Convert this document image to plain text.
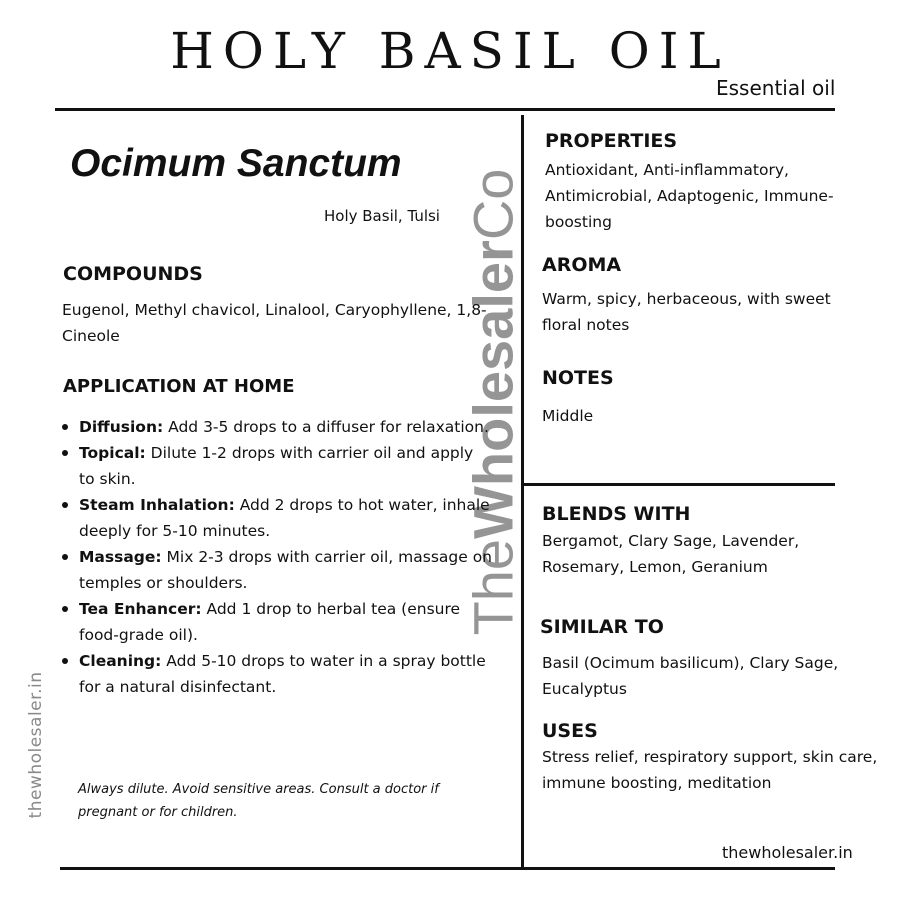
HOLY BASIL OIL
Essential oil
TheWholesalerCo
thewholesaler.in
Ocimum Sanctum
Holy Basil, Tulsi
COMPOUNDS
Eugenol, Methyl chavicol, Linalool, Caryophyllene, 1,8-Cineole
APPLICATION AT HOME
Diffusion: Add 3-5 drops to a diffuser for relaxation.
Topical: Dilute 1-2 drops with carrier oil and apply to skin.
Steam Inhalation: Add 2 drops to hot water, inhale deeply for 5-10 minutes.
Massage: Mix 2-3 drops with carrier oil, massage on temples or shoulders.
Tea Enhancer: Add 1 drop to herbal tea (ensure food-grade oil).
Cleaning: Add 5-10 drops to water in a spray bottle for a natural disinfectant.
Always dilute. Avoid sensitive areas. Consult a doctor if pregnant or for children.
PROPERTIES
Antioxidant, Anti-inflammatory, Antimicrobial, Adaptogenic, Immune-boosting
AROMA
Warm, spicy, herbaceous, with sweet floral notes
NOTES
Middle
BLENDS WITH
Bergamot, Clary Sage, Lavender, Rosemary, Lemon, Geranium
SIMILAR TO
Basil (Ocimum basilicum), Clary Sage, Eucalyptus
USES
Stress relief, respiratory support, skin care, immune boosting, meditation
thewholesaler.in
